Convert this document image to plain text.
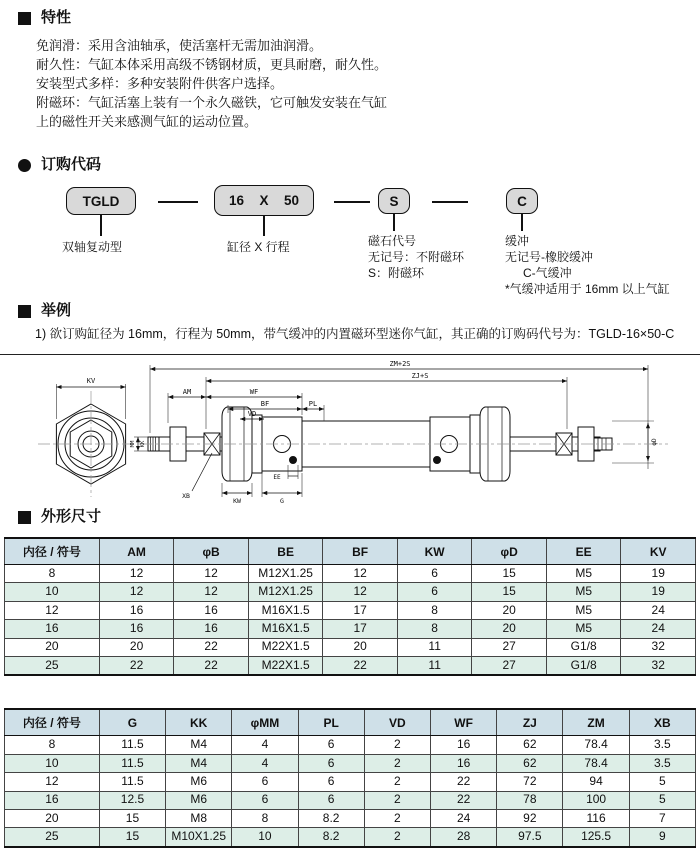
特性
免润滑：采用含油轴承，使活塞杆无需加油润滑。
耐久性：气缸本体采用高级不锈钢材质，更具耐磨，耐久性。
安装型式多样：多种安装附件供客户选择。
附磁环：气缸活塞上装有一个永久磁铁，它可触发安装在气缸
上的磁性开关来感测气缸的运动位置。
订购代码
TGLD	16 X 50	S	C
双轴复动型	缸径 X 行程	磁石代号
无记号：不附磁环
S：附磁环
缓冲
无记号-橡胶缓冲
C-气缓冲
*气缓冲适用于 16mm 以上气缸
举例
1) 欲订购缸径为 16mm，行程为 50mm，带气缓冲的内置磁环型迷你气缸，其正确的订购码代号为：TGLD-16×50-C
KV
ZM+2S
ZJ+S
AM	WF
BF	PL
VD
MM KK
XB
KW	G
EE
φD
外形尺寸
内径 / 符号	AM	φB	BE	BF	KW	φD	EE	KV
8	12	12	M12X1.25	12	6	15	M5	19
10	12	12	M12X1.25	12	6	15	M5	19
12	16	16	M16X1.5	17	8	20	M5	24
16	16	16	M16X1.5	17	8	20	M5	24
20	20	22	M22X1.5	20	11	27	G1/8	32
25	22	22	M22X1.5	22	11	27	G1/8	32
内径 / 符号	G	KK	φMM	PL	VD	WF	ZJ	ZM	XB
8	11.5	M4	4	6	2	16	62	78.4	3.5
10	11.5	M4	4	6	2	16	62	78.4	3.5
12	11.5	M6	6	6	2	22	72	94	5
16	12.5	M6	6	6	2	22	78	100	5
20	15	M8	8	8.2	2	24	92	116	7
25	15	M10X1.25	10	8.2	2	28	97.5	125.5	9
